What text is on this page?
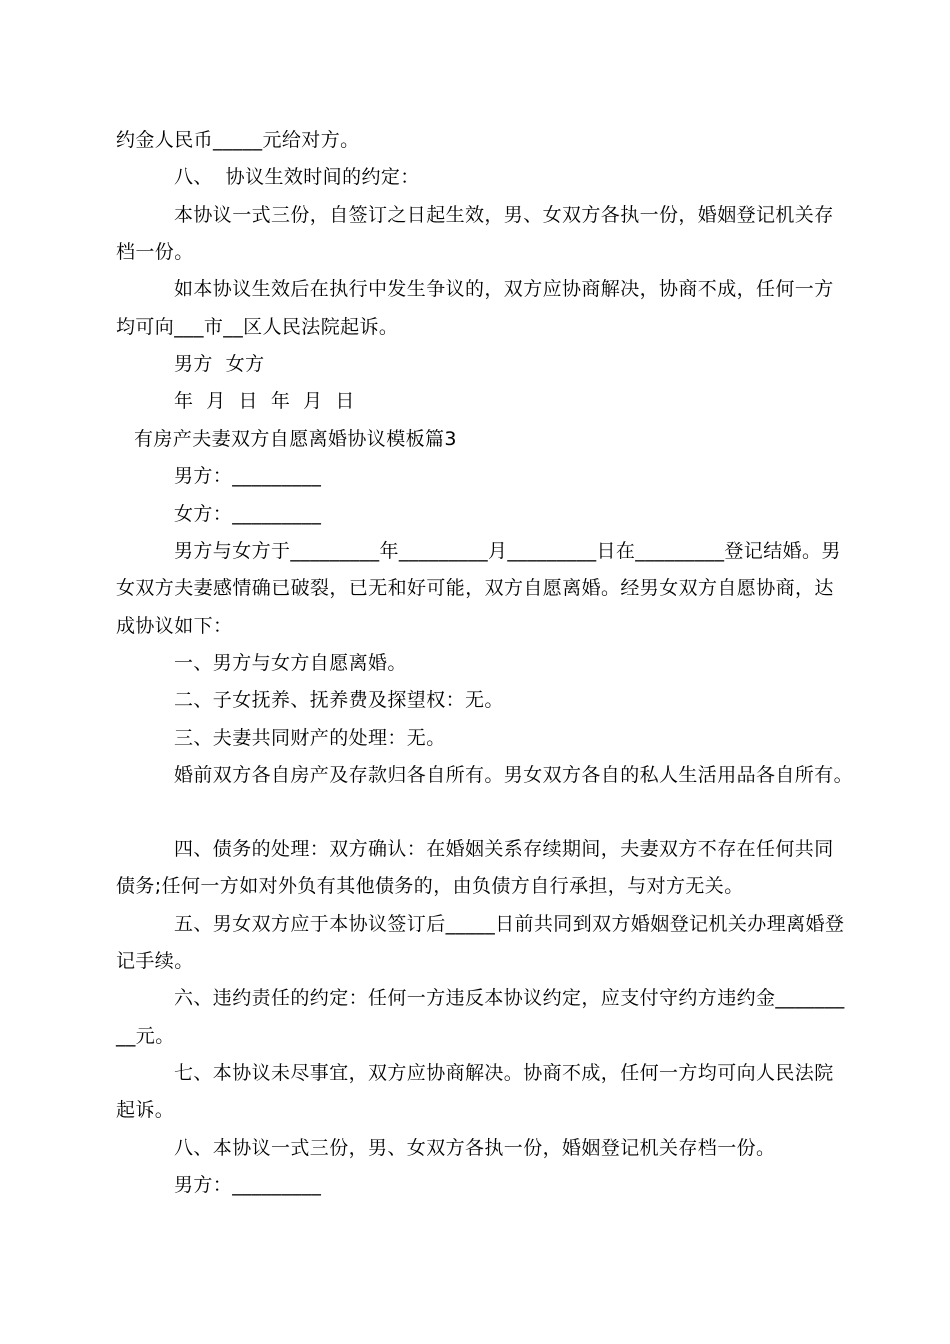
约金人民币_____元给对方。
八、  协议生效时间的约定：
本协议一式三份，自签订之日起生效，男、女双方各执一份，婚姻登记机关存
档一份。
如本协议生效后在执行中发生争议的，双方应协商解决，协商不成，任何一方
均可向___市__区人民法院起诉。
男方  女方
年  月  日  年  月  日
有房产夫妻双方自愿离婚协议模板篇3
男方：_________
女方：_________
男方与女方于_________年_________月_________日在_________登记结婚。男
女双方夫妻感情确已破裂，已无和好可能，双方自愿离婚。经男女双方自愿协商，达
成协议如下：
一、男方与女方自愿离婚。
二、子女抚养、抚养费及探望权：无。
三、夫妻共同财产的处理：无。
婚前双方各自房产及存款归各自所有。男女双方各自的私人生活用品各自所有。
四、债务的处理：双方确认：在婚姻关系存续期间，夫妻双方不存在任何共同
债务;任何一方如对外负有其他债务的，由负债方自行承担，与对方无关。
五、男女双方应于本协议签订后_____日前共同到双方婚姻登记机关办理离婚登
记手续。
六、违约责任的约定：任何一方违反本协议约定，应支付守约方违约金_______
__元。
七、本协议未尽事宜，双方应协商解决。协商不成，任何一方均可向人民法院
起诉。
八、本协议一式三份，男、女双方各执一份，婚姻登记机关存档一份。
男方：_________
